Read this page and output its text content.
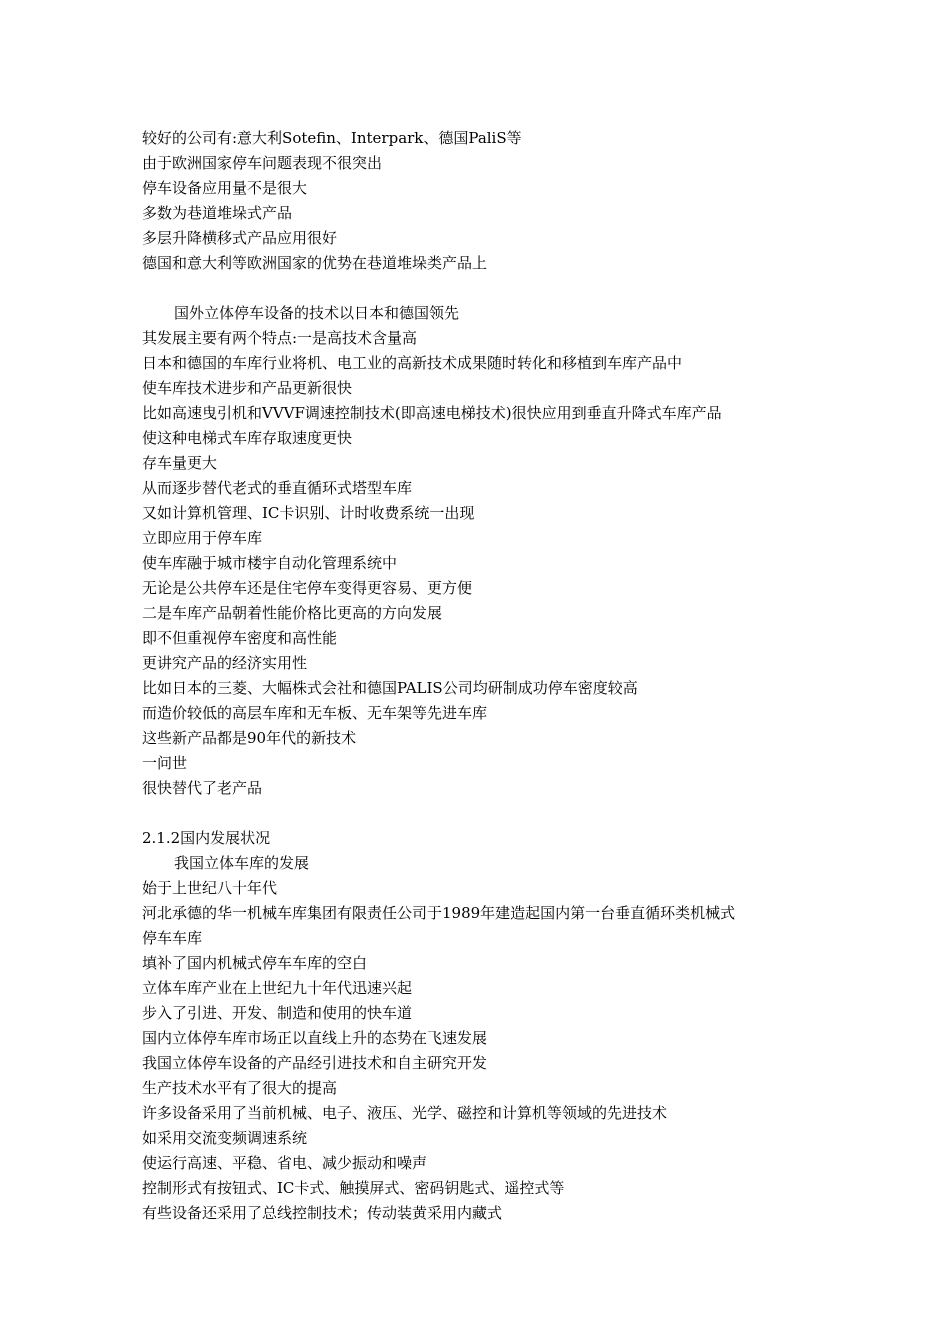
较好的公司有:意大利Sotefin、Interpark、德国PaliS等
由于欧洲国家停车问题表现不很突出
停车设备应用量不是很大
多数为巷道堆垛式产品
多层升降横移式产品应用很好
德国和意大利等欧洲国家的优势在巷道堆垛类产品上
国外立体停车设备的技术以日本和德国领先
其发展主要有两个特点:一是高技术含量高
日本和德国的车库行业将机、电工业的高新技术成果随时转化和移植到车库产品中
使车库技术进步和产品更新很快
比如高速曳引机和VVVF调速控制技术(即高速电梯技术)很快应用到垂直升降式车库产品
使这种电梯式车库存取速度更快
存车量更大
从而逐步替代老式的垂直循环式塔型车库
又如计算机管理、IC卡识别、计时收费系统一出现
立即应用于停车库
使车库融于城市楼宇自动化管理系统中
无论是公共停车还是住宅停车变得更容易、更方便
二是车库产品朝着性能价格比更高的方向发展
即不但重视停车密度和高性能
更讲究产品的经济实用性
比如日本的三菱、大幅株式会社和德国PALIS公司均研制成功停车密度较高
而造价较低的高层车库和无车板、无车架等先进车库
这些新产品都是90年代的新技术
一问世
很快替代了老产品
2.1.2国内发展状况
我国立体车库的发展
始于上世纪八十年代
河北承德的华一机械车库集团有限责任公司于1989年建造起国内第一台垂直循环类机械式
停车车库
填补了国内机械式停车车库的空白
立体车库产业在上世纪九十年代迅速兴起
步入了引进、开发、制造和使用的快车道
国内立体停车库市场正以直线上升的态势在飞速发展
我国立体停车设备的产品经引进技术和自主研究开发
生产技术水平有了很大的提高
许多设备采用了当前机械、电子、液压、光学、磁控和计算机等领域的先进技术
如采用交流变频调速系统
使运行高速、平稳、省电、减少振动和噪声
控制形式有按钮式、IC卡式、触摸屏式、密码钥匙式、遥控式等
有些设备还采用了总线控制技术；传动装黄采用内藏式
